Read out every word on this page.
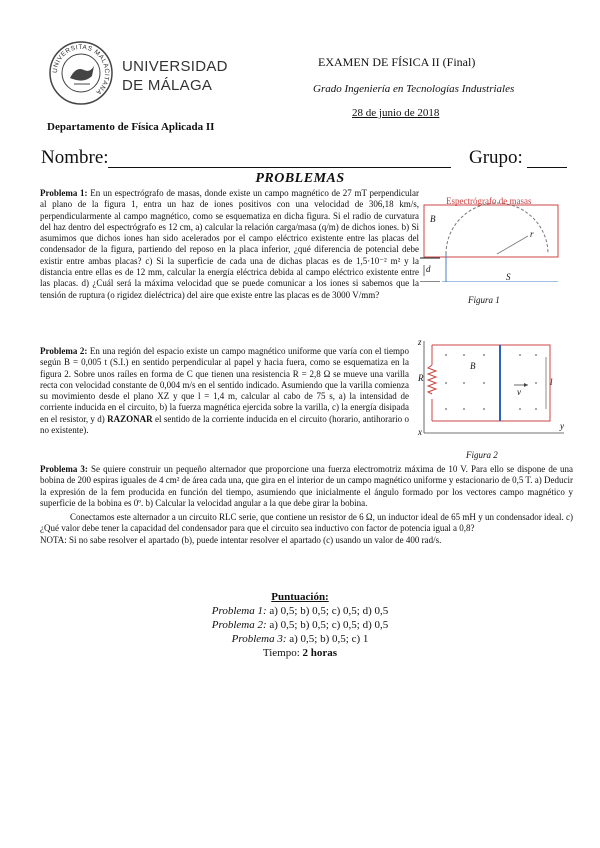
UNIVERSITAS MALACITANA
UNIVERSIDAD
DE MÁLAGA
EXAMEN DE FÍSICA II (Final)
Grado Ingeniería en Tecnologías Industriales
28 de junio de 2018
Departamento de Física Aplicada II
Nombre:	Grupo:
PROBLEMAS
Problema 1: En un espectrógrafo de masas, donde existe un campo magnético de 27 mT perpendicular al plano de la figura 1, entra un haz de iones positivos con una velocidad de 306,18 km/s, perpendicularmente al campo magnético, como se esquematiza en dicha figura. Si el radio de curvatura del haz dentro del espectrógrafo es 12 cm, a) calcular la relación carga/masa (q/m) de dichos iones. b) Si asumimos que dichos iones han sido acelerados por el campo eléctrico existente entre las placas del condensador de la figura, partiendo del reposo en la placa inferior, ¿qué diferencia de potencial debe existir entre ambas placas? c) Si la superficie de cada una de dichas placas es de 1,5·10⁻² m² y la distancia entre ellas es de 12 mm, calcular la energía eléctrica debida al campo eléctrico existente entre las placas. d) ¿Cuál será la máxima velocidad que se puede comunicar a los iones si sabemos que la tensión de ruptura (o rigidez dieléctrica) del aire que existe entre las placas es de 3000 V/mm?
Espectrógrafo de masas
B
r
d
S
Figura 1
Problema 2: En una región del espacio existe un campo magnético uniforme que varía con el tiempo según B = 0,005 t (S.I.) en sentido perpendicular al papel y hacia fuera, como se esquematiza en la figura 2. Sobre unos raíles en forma de C que tienen una resistencia R = 2,8 Ω se mueve una varilla recta con velocidad constante de 0,004 m/s en el sentido indicado. Asumiendo que la varilla comienza su movimiento desde el plano XZ y que l = 1,4 m, calcular al cabo de 75 s, a) la intensidad de corriente inducida en el circuito, b) la fuerza magnética ejercida sobre la varilla, c) la energía disipada en el resistor, y d) RAZONAR el sentido de la corriente inducida en el circuito (horario, antihorario o no existente).
z
R
B
v
l
x
y
Figura 2
Problema 3: Se quiere construir un pequeño alternador que proporcione una fuerza electromotriz máxima de 10 V. Para ello se dispone de una bobina de 200 espiras iguales de 4 cm² de área cada una, que gira en el interior de un campo magnético uniforme y estacionario de 0,5 T. a) Deducir la expresión de la fem producida en función del tiempo, asumiendo que inicialmente el ángulo formado por los vectores campo magnético y superficie de la bobina es 0º. b) Calcular la velocidad angular a la que debe girar la bobina.
Conectamos este alternador a un circuito RLC serie, que contiene un resistor de 6 Ω, un inductor ideal de 65 mH y un condensador ideal. c) ¿Qué valor debe tener la capacidad del condensador para que el circuito sea inductivo con factor de potencia igual a 0,8?
NOTA: Si no sabe resolver el apartado (b), puede intentar resolver el apartado (c) usando un valor de 400 rad/s.
Puntuación:
Problema 1: a) 0,5; b) 0,5; c) 0,5; d) 0,5
Problema 2: a) 0,5; b) 0,5; c) 0,5; d) 0,5
Problema 3: a) 0,5; b) 0,5; c) 1
Tiempo: 2 horas
